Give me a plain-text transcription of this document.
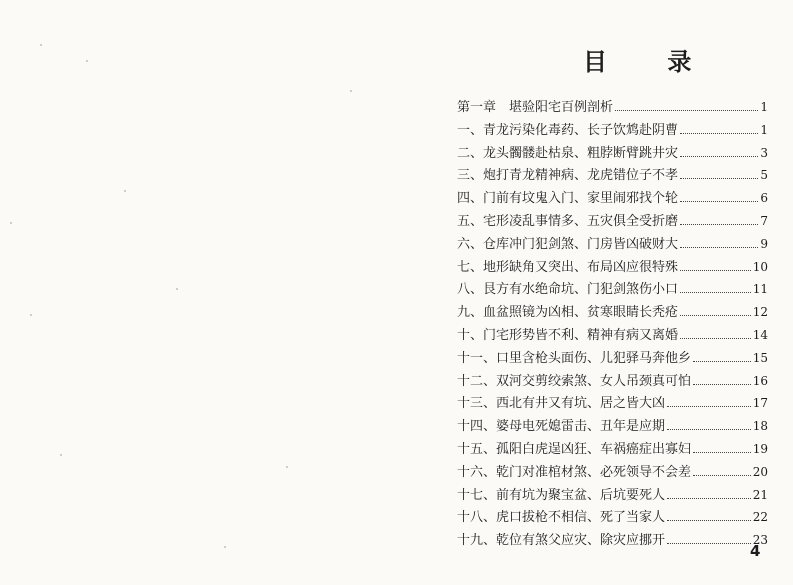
目 录
第一章　堪验阳宅百例剖析	1
一、青龙污染化毒药、长子饮鸩赴阴曹	1
二、龙头髑髅赴枯泉、粗脖断臂跳井灾	3
三、炮打青龙精神病、龙虎错位子不孝	5
四、门前有坟鬼入门、家里闹邪找个轮	6
五、宅形凌乱事情多、五灾俱全受折磨	7
六、仓库冲门犯剑煞、门房皆凶破财大	9
七、地形缺角又突出、布局凶应很特殊	10
八、艮方有水绝命坑、门犯剑煞伤小口	11
九、血盆照镜为凶相、贫寒眼睛长秃疮	12
十、门宅形势皆不利、精神有病又离婚	14
十一、口里含枪头面伤、儿犯驿马奔他乡	15
十二、双河交剪绞索煞、女人吊颈真可怕	16
十三、西北有井又有坑、居之皆大凶	17
十四、婆母电死媳雷击、丑年是应期	18
十五、孤阳白虎逞凶狂、车祸癌症出寡妇	19
十六、乾门对准棺材煞、必死领导不会差	20
十七、前有坑为聚宝盆、后坑要死人	21
十八、虎口拔枪不相信、死了当家人	22
十九、乾位有煞父应灾、除灾应挪开	23
4
